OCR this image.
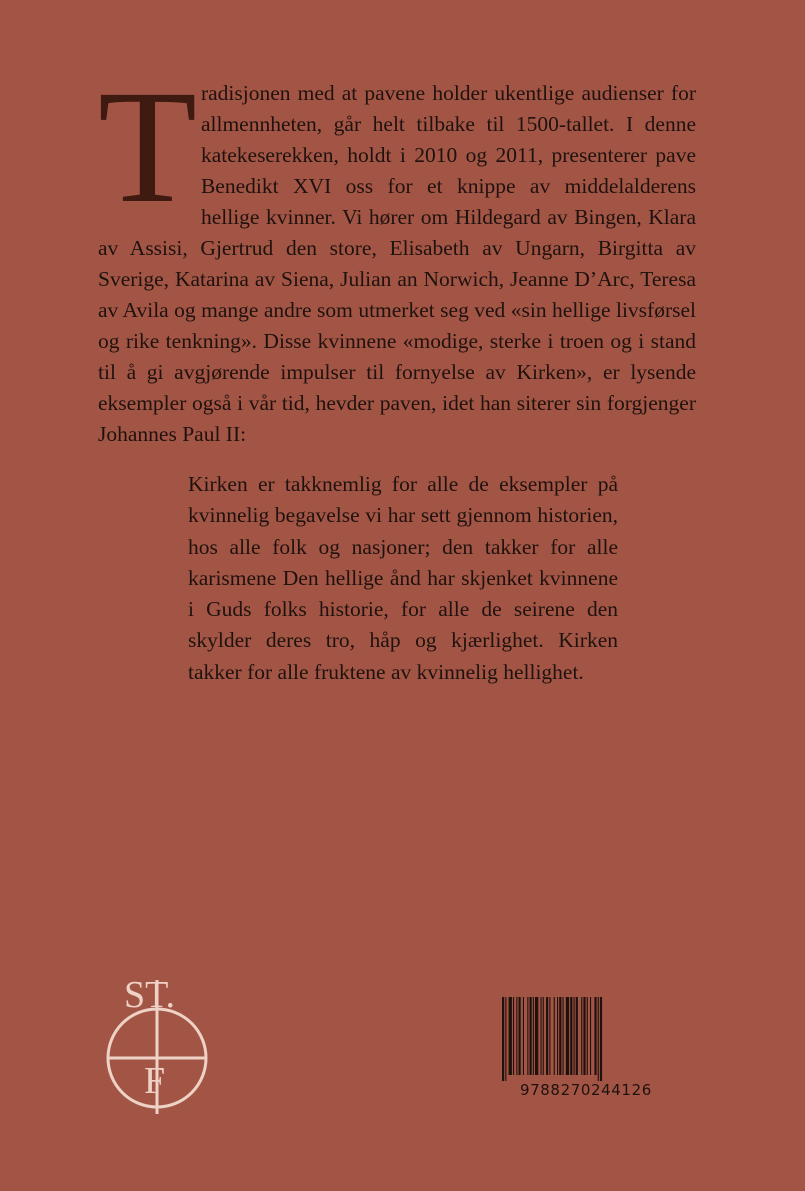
Tradisjonen med at pavene holder ukentlige audienser for allmennheten, går helt tilbake til 1500-tallet. I denne katekeserekken, holdt i 2010 og 2011, presenterer pave Benedikt XVI oss for et knippe av middelalderens hellige kvinner. Vi hører om Hildegard av Bingen, Klara av Assisi, Gjertrud den store, Elisabeth av Ungarn, Birgitta av Sverige, Katarina av Siena, Julian an Norwich, Jeanne D’Arc, Teresa av Avila og mange andre som utmerket seg ved «sin hellige livsførsel og rike tenkning». Disse kvinnene «modige, sterke i troen og i stand til å gi avgjørende impulser til fornyelse av Kirken», er lysende eksempler også i vår tid, hevder paven, idet han siterer sin forgjenger Johannes Paul II:
Kirken er takknemlig for alle de eksempler på kvinnelig begavelse vi har sett gjennom historien, hos alle folk og nasjoner; den takker for alle karismene Den hellige ånd har skjenket kvinnene i Guds folks historie, for alle de seirene den skylder deres tro, håp og kjærlighet. Kirken takker for alle fruktene av kvinnelig hellighet.
ST.
F	9788270244126
